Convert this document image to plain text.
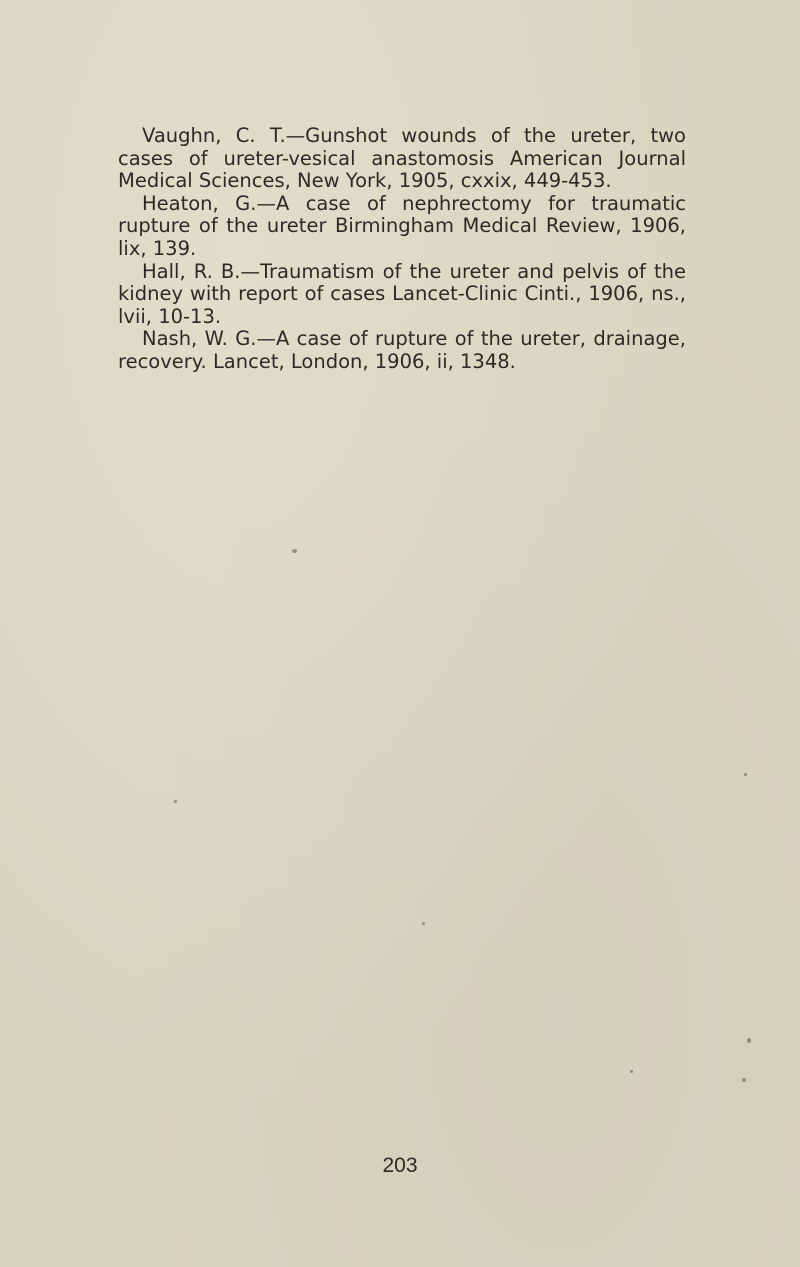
Vaughn, C. T.—Gunshot wounds of the ureter, two cases of ureter-vesical anastomosis American Journal Medical Sciences, New York, 1905, cxxix, 449-453.
Heaton, G.—A case of nephrectomy for traumatic rupture of the ureter Birmingham Medical Review, 1906, lix, 139.
Hall, R. B.—Traumatism of the ureter and pelvis of the kidney with report of cases Lancet-Clinic Cinti., 1906, ns., lvii, 10-13.
Nash, W. G.—A case of rupture of the ureter, drainage, recovery. Lancet, London, 1906, ii, 1348.
203
